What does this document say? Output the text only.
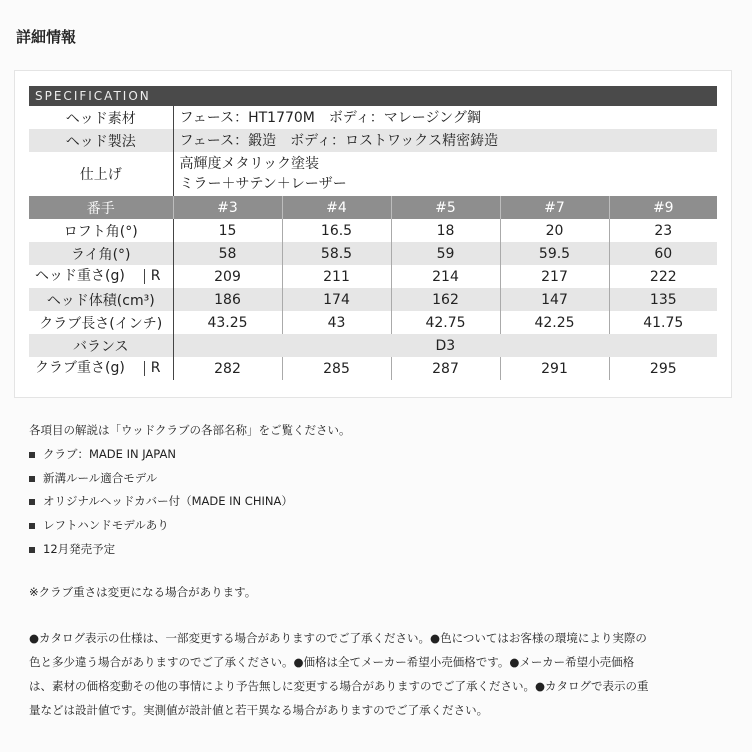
詳細情報
SPECIFICATION					
ヘッド素材	フェース：HT1770M　ボディ：マレージング鋼				
ヘッド製法	フェース：鍛造　ボディ：ロストワックス精密鋳造				
仕上げ	高輝度メタリック塗装
ミラー＋サテン＋レーザー				

番手	#3	#4	#5	#7	#9
ロフト角(°)	15	16.5	18	20	23
ライ角(°)	58	58.5	59	59.5	60

ヘッド重さ(g) R	209	211	214	217	222
ヘッド体積(cm³)	186	174	162	147	135
クラブ長さ(インチ)	43.25	43	42.75	42.25	41.75
バランス	D3				

クラブ重さ(g) R	282	285	287	291	295

各項目の解説は「ウッドクラブの各部名称」をご覧ください。

クラブ：MADE IN JAPAN

新溝ルール適合モデル

オリジナルヘッドカバー付（MADE IN CHINA）

レフトハンドモデルあり

12月発売予定

※クラブ重さは変更になる場合があります。

●カタログ表示の仕様は、一部変更する場合がありますのでご了承ください。●色についてはお客様の環境により実際の

色と多少違う場合がありますのでご了承ください。●価格は全てメーカー希望小売価格です。●メーカー希望小売価格

は、素材の価格変動その他の事情により予告無しに変更する場合がありますのでご了承ください。●カタログで表示の重

量などは設計値です。実測値が設計値と若干異なる場合がありますのでご了承ください。
